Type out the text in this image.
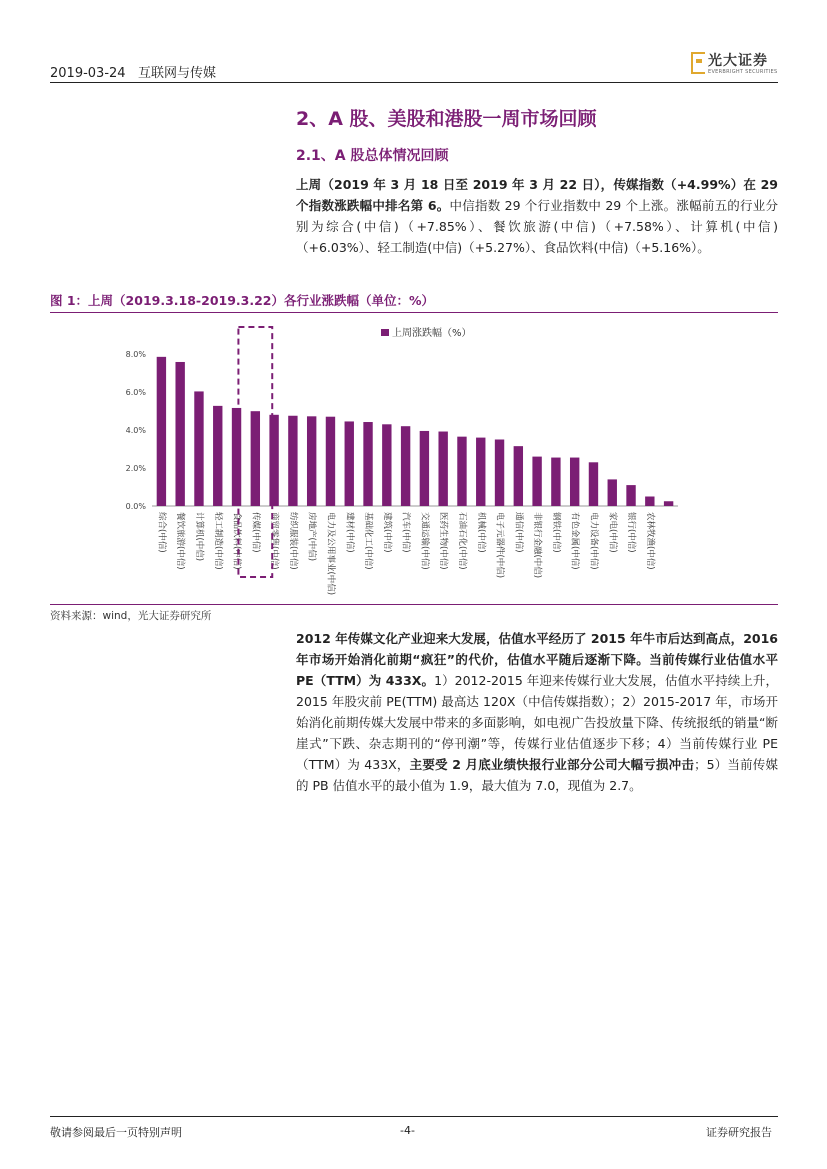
2019-03-24 互联网与传媒
光大证券
EVERBRIGHT SECURITIES
2、A 股、美股和港股一周市场回顾
2.1、A 股总体情况回顾
上周（2019 年 3 月 18 日至 2019 年 3 月 22 日），传媒指数（+4.99%）在 29 个指数涨跌幅中排名第 6。中信指数 29 个行业指数中 29 个上涨。涨幅前五的行业分别为综合(中信)（+7.85%）、餐饮旅游(中信)（+7.58%）、计算机(中信)（+6.03%）、轻工制造(中信)（+5.27%）、食品饮料(中信)（+5.16%）。
图 1：上周（2019.3.18-2019.3.22）各行业涨跌幅（单位：%）
0.0%
2.0%
4.0%
6.0%
8.0%
综合(中信) 餐饮旅游(中信) 计算机(中信) 轻工制造(中信) 食品饮料(中信) 传媒(中信) 商贸零售(中信) 纺织服装(中信) 房地产(中信) 电力及公用事业(中信) 建材(中信) 基础化工(中信) 建筑(中信) 汽车(中信) 交通运输(中信) 医药生物(中信) 石油石化(中信) 机械(中信) 电子元器件(中信) 通信(中信) 非银行金融(中信) 钢铁(中信) 有色金属(中信) 电力设备(中信) 家电(中信) 银行(中信) 农林牧渔(中信)
上周涨跌幅（%）
资料来源：wind，光大证券研究所
2012 年传媒文化产业迎来大发展，估值水平经历了 2015 年牛市后达到高点，2016 年市场开始消化前期“疯狂”的代价，估值水平随后逐渐下降。当前传媒行业估值水平 PE（TTM）为 433X。1）2012-2015 年迎来传媒行业大发展，估值水平持续上升，2015 年股灾前 PE(TTM) 最高达 120X（中信传媒指数）；2）2015-2017 年，市场开始消化前期传媒大发展中带来的多面影响，如电视广告投放量下降、传统报纸的销量“断崖式”下跌、杂志期刊的“停刊潮”等，传媒行业估值逐步下移；4）当前传媒行业 PE（TTM）为 433X，主要受 2 月底业绩快报行业部分公司大幅亏损冲击；5）当前传媒的 PB 估值水平的最小值为 1.9，最大值为 7.0，现值为 2.7。
敬请参阅最后一页特别声明	-4-	证券研究报告
